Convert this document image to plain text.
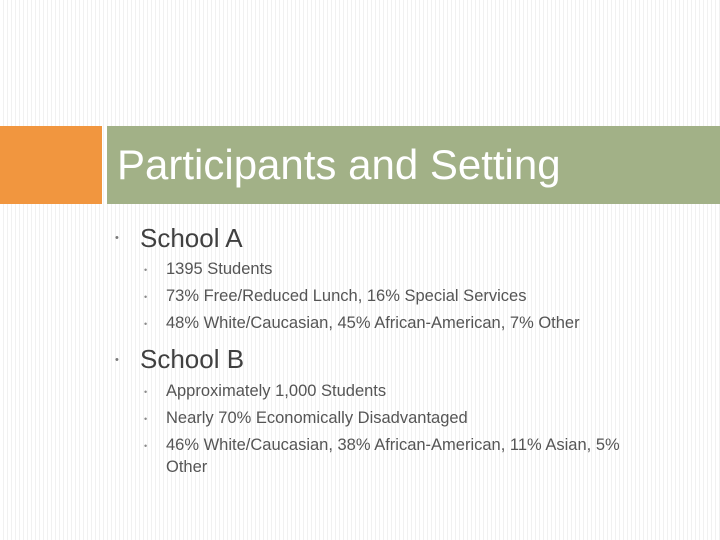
Participants and Setting
• School A
• 1395 Students
• 73% Free/Reduced Lunch, 16% Special Services
• 48% White/Caucasian, 45% African-American, 7% Other
• School B
• Approximately 1,000 Students
• Nearly 70% Economically Disadvantaged
• 46% White/Caucasian, 38% African-American, 11% Asian, 5% Other
